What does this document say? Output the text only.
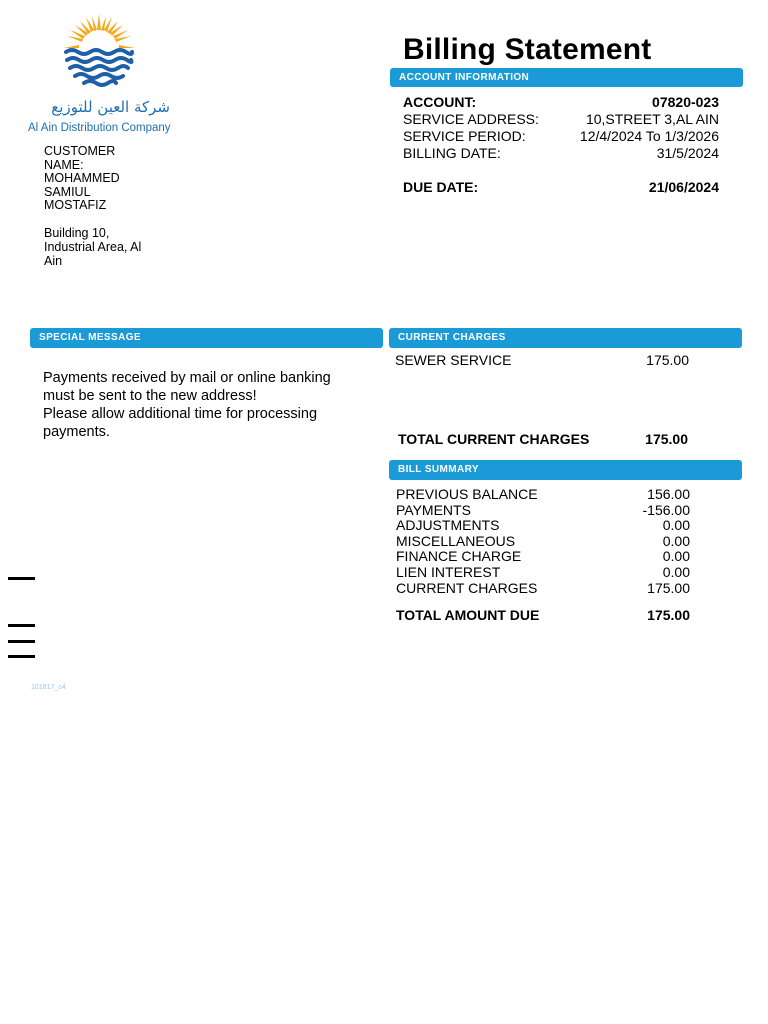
شركة العين للتوزيع
Al Ain Distribution Company
CUSTOMER NAME:
MOHAMMED SAMIUL MOSTAFIZ
Building 10, Industrial Area, Al Ain
Billing Statement
ACCOUNT INFORMATION
ACCOUNT:	07820-023
SERVICE ADDRESS:	10,STREET 3,AL AIN
SERVICE PERIOD:	12/4/2024 To 1/3/2026
BILLING DATE:	31/5/2024
DUE DATE:	21/06/2024
SPECIAL MESSAGE
Payments received by mail or online banking must be sent to the new address!
Please allow additional time for processing payments.
CURRENT CHARGES
SEWER SERVICE	175.00
TOTAL CURRENT CHARGES	175.00
BILL SUMMARY
PREVIOUS BALANCE	156.00
PAYMENTS	-156.00
ADJUSTMENTS	0.00
MISCELLANEOUS	0.00
FINANCE CHARGE	0.00
LIEN INTEREST	0.00
CURRENT CHARGES	175.00
TOTAL AMOUNT DUE	175.00
101817_c4
